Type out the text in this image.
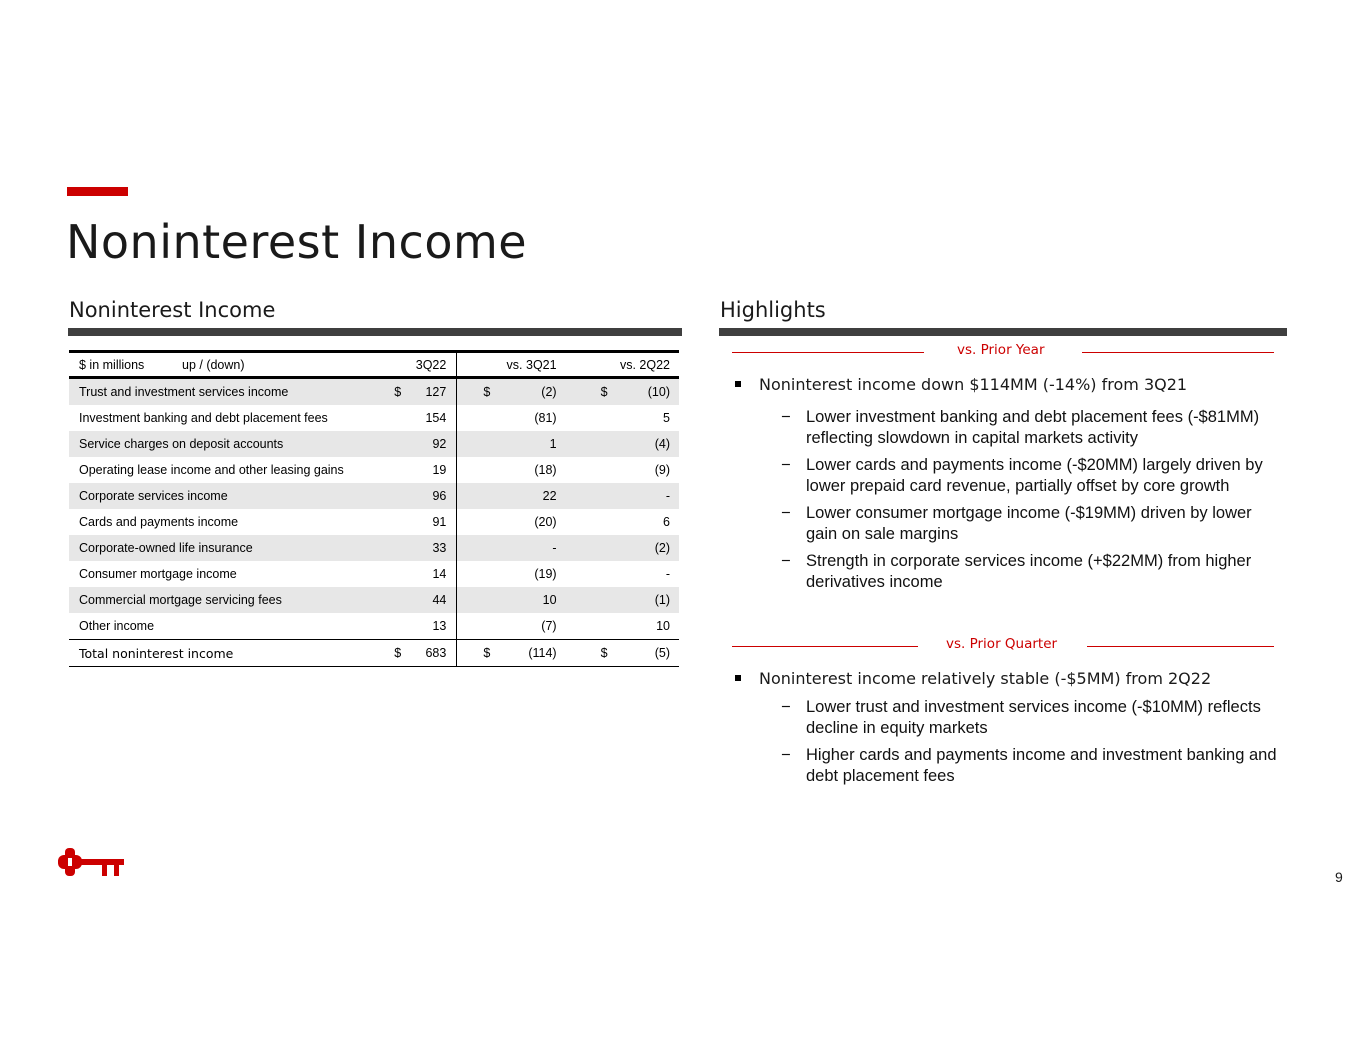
Noninterest Income
Noninterest Income
$ in millions up / (down)		3Q22		vs. 3Q21		vs. 2Q22
Trust and investment services income	$	127	$	(2)	$	(10)
Investment banking and debt placement fees		154		(81)		5
Service charges on deposit accounts		92		1		(4)
Operating lease income and other leasing gains		19		(18)		(9)
Corporate services income		96		22		-
Cards and payments income		91		(20)		6
Corporate-owned life insurance		33		-		(2)
Consumer mortgage income		14		(19)		-
Commercial mortgage servicing fees		44		10		(1)
Other income		13		(7)		10
Total noninterest income	$	683	$	(114)	$	(5)
Highlights
vs. Prior Year
Noninterest income down $114MM (-14%) from 3Q21
− Lower investment banking and debt placement fees (-$81MM) reflecting slowdown in capital markets activity
− Lower cards and payments income (-$20MM) largely driven by lower prepaid card revenue, partially offset by core growth
− Lower consumer mortgage income (-$19MM) driven by lower gain on sale margins
− Strength in corporate services income (+$22MM) from higher derivatives income
vs. Prior Quarter
Noninterest income relatively stable (-$5MM) from 2Q22
− Lower trust and investment services income (-$10MM) reflects decline in equity markets
− Higher cards and payments income and investment banking and debt placement fees
9
